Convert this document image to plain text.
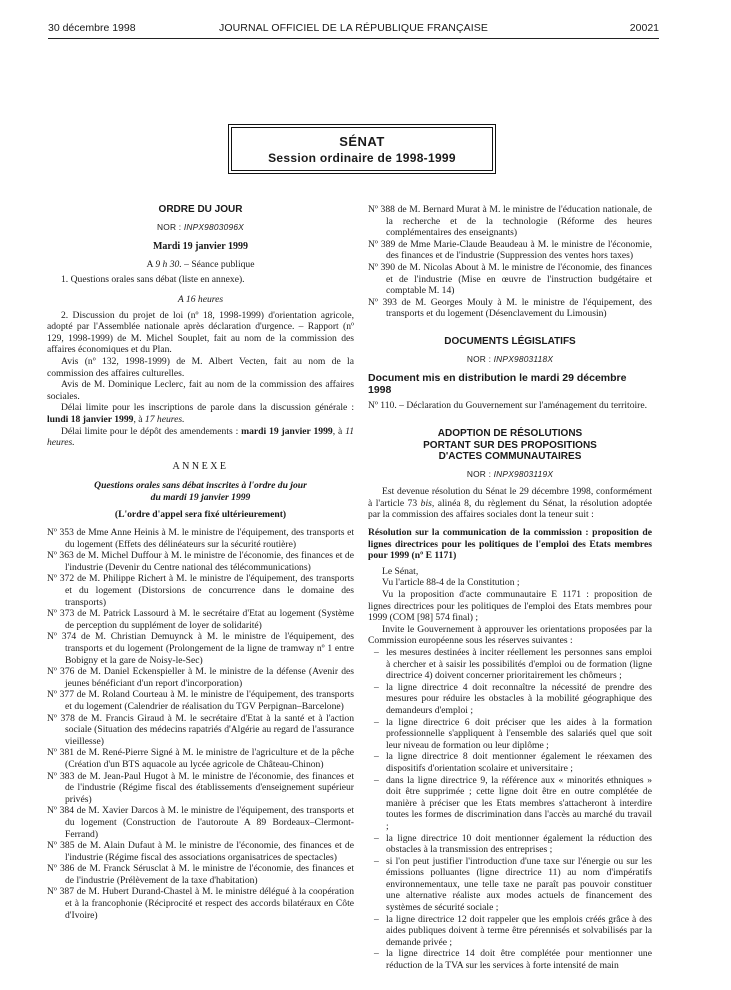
30 décembre 1998	JOURNAL OFFICIEL DE LA RÉPUBLIQUE FRANÇAISE	20021
SÉNAT
Session ordinaire de 1998-1999
ORDRE DU JOUR
NOR : INPX9803096X
Mardi 19 janvier 1999
A 9 h 30. – Séance publique

1. Questions orales sans débat (liste en annexe).

A 16 heures

2. Discussion du projet de loi (nº 18, 1998-1999) d'orientation agricole, adopté par l'Assemblée nationale après déclaration d'urgence. – Rapport (nº 129, 1998-1999) de M. Michel Souplet, fait au nom de la commission des affaires économiques et du Plan.

Avis (nº 132, 1998-1999) de M. Albert Vecten, fait au nom de la commission des affaires culturelles.

Avis de M. Dominique Leclerc, fait au nom de la commission des affaires sociales.

Délai limite pour les inscriptions de parole dans la discussion générale : lundi 18 janvier 1999, à 17 heures.

Délai limite pour le dépôt des amendements : mardi 19 janvier 1999, à 11 heures.

ANNEXE
Questions orales sans débat inscrites à l'ordre du jour
du mardi 19 janvier 1999
(L'ordre d'appel sera fixé ultérieurement)

Nº 353 de Mme Anne Heinis à M. le ministre de l'équipement, des transports et du logement (Effets des délinéateurs sur la sécurité routière)

Nº 363 de M. Michel Duffour à M. le ministre de l'économie, des finances et de l'industrie (Devenir du Centre national des télécommunications)

Nº 372 de M. Philippe Richert à M. le ministre de l'équipement, des transports et du logement (Distorsions de concurrence dans le domaine des transports)

Nº 373 de M. Patrick Lassourd à M. le secrétaire d'Etat au logement (Système de perception du supplément de loyer de solidarité)

Nº 374 de M. Christian Demuynck à M. le ministre de l'équipement, des transports et du logement (Prolongement de la ligne de tramway nº 1 entre Bobigny et la gare de Noisy-le-Sec)

Nº 376 de M. Daniel Eckenspieller à M. le ministre de la défense (Avenir des jeunes bénéficiant d'un report d'incorporation)

Nº 377 de M. Roland Courteau à M. le ministre de l'équipement, des transports et du logement (Calendrier de réalisation du TGV Perpignan–Barcelone)

Nº 378 de M. Francis Giraud à M. le secrétaire d'Etat à la santé et à l'action sociale (Situation des médecins rapatriés d'Algérie au regard de l'assurance vieillesse)

Nº 381 de M. René-Pierre Signé à M. le ministre de l'agriculture et de la pêche (Création d'un BTS aquacole au lycée agricole de Château-Chinon)

Nº 383 de M. Jean-Paul Hugot à M. le ministre de l'économie, des finances et de l'industrie (Régime fiscal des établissements d'enseignement supérieur privés)

Nº 384 de M. Xavier Darcos à M. le ministre de l'équipement, des transports et du logement (Construction de l'autoroute A 89 Bordeaux–Clermont-Ferrand)

Nº 385 de M. Alain Dufaut à M. le ministre de l'économie, des finances et de l'industrie (Régime fiscal des associations organisatrices de spectacles)

Nº 386 de M. Franck Sérusclat à M. le ministre de l'économie, des finances et de l'industrie (Prélèvement de la taxe d'habitation)

Nº 387 de M. Hubert Durand-Chastel à M. le ministre délégué à la coopération et à la francophonie (Réciprocité et respect des accords bilatéraux en Côte d'Ivoire)

Nº 388 de M. Bernard Murat à M. le ministre de l'éducation nationale, de la recherche et de la technologie (Réforme des heures complémentaires des enseignants)

Nº 389 de Mme Marie-Claude Beaudeau à M. le ministre de l'économie, des finances et de l'industrie (Suppression des ventes hors taxes)

Nº 390 de M. Nicolas About à M. le ministre de l'économie, des finances et de l'industrie (Mise en œuvre de l'instruction budgétaire et comptable M. 14)

Nº 393 de M. Georges Mouly à M. le ministre de l'équipement, des transports et du logement (Désenclavement du Limousin)

DOCUMENTS LÉGISLATIFS
NOR : INPX9803118X
Document mis en distribution le mardi 29 décembre 1998

Nº 110. – Déclaration du Gouvernement sur l'aménagement du territoire.

ADOPTION DE RÉSOLUTIONS
PORTANT SUR DES PROPOSITIONS
D'ACTES COMMUNAUTAIRES
NOR : INPX9803119X

Est devenue résolution du Sénat le 29 décembre 1998, conformément à l'article 73 bis, alinéa 8, du règlement du Sénat, la résolution adoptée par la commission des affaires sociales dont la teneur suit :

Résolution sur la communication de la commission : proposition de lignes directrices pour les politiques de l'emploi des Etats membres pour 1999 (nº E 1171)

Le Sénat,

Vu l'article 88-4 de la Constitution ;

Vu la proposition d'acte communautaire E 1171 : proposition de lignes directrices pour les politiques de l'emploi des Etats membres pour 1999 (COM [98] 574 final) ;

Invite le Gouvernement à approuver les orientations proposées par la Commission européenne sous les réserves suivantes :

– les mesures destinées à inciter réellement les personnes sans emploi à chercher et à saisir les possibilités d'emploi ou de formation (ligne directrice 4) doivent concerner prioritairement les chômeurs ;
– la ligne directrice 4 doit reconnaître la nécessité de prendre des mesures pour réduire les obstacles à la mobilité géographique des demandeurs d'emploi ;
– la ligne directrice 6 doit préciser que les aides à la formation professionnelle s'appliquent à l'ensemble des salariés quel que soit leur niveau de formation ou leur diplôme ;
– la ligne directrice 8 doit mentionner également le réexamen des dispositifs d'orientation scolaire et universitaire ;
– dans la ligne directrice 9, la référence aux « minorités ethniques » doit être supprimée ; cette ligne doit être en outre complétée de manière à préciser que les Etats membres s'attacheront à interdire toutes les formes de discrimination dans l'accès au marché du travail ;
– la ligne directrice 10 doit mentionner également la réduction des obstacles à la transmission des entreprises ;
– si l'on peut justifier l'introduction d'une taxe sur l'énergie ou sur les émissions polluantes (ligne directrice 11) au nom d'impératifs environnementaux, une telle taxe ne paraît pas pouvoir constituer une alternative réaliste aux modes actuels de financement des systèmes de sécurité sociale ;
– la ligne directrice 12 doit rappeler que les emplois créés grâce à des aides publiques doivent à terme être pérennisés et solvabilisés par la demande privée ;
– la ligne directrice 14 doit être complétée pour mentionner une réduction de la TVA sur les services à forte intensité de main
